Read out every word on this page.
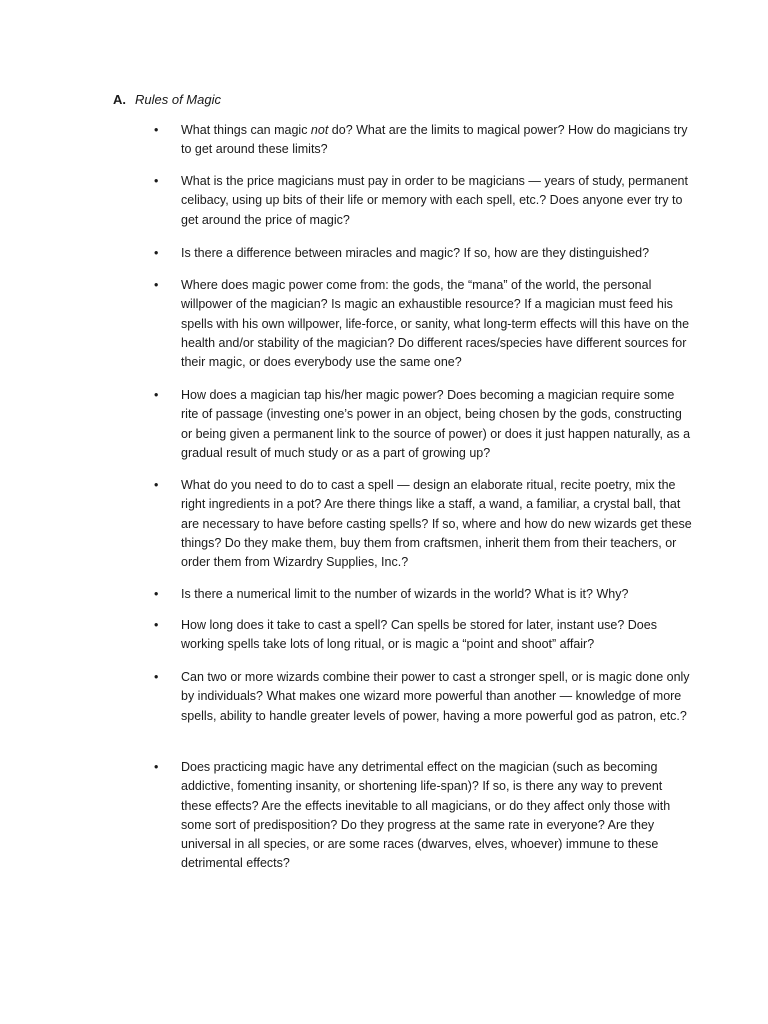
A. Rules of Magic
•	What things can magic not do? What are the limits to magical power? How do magicians try to get around these limits?
•	What is the price magicians must pay in order to be magicians — years of study, permanent celibacy, using up bits of their life or memory with each spell, etc.? Does anyone ever try to get around the price of magic?
•	Is there a difference between miracles and magic? If so, how are they distinguished?
•	Where does magic power come from: the gods, the “mana” of the world, the personal willpower of the magician? Is magic an exhaustible resource? If a magician must feed his spells with his own willpower, life-force, or sanity, what long-term effects will this have on the health and/or stability of the magician? Do different races/species have different sources for their magic, or does everybody use the same one?
•	How does a magician tap his/her magic power? Does becoming a magician require some rite of passage (investing one’s power in an object, being chosen by the gods, constructing or being given a permanent link to the source of power) or does it just happen naturally, as a gradual result of much study or as a part of growing up?
•	What do you need to do to cast a spell — design an elaborate ritual, recite poetry, mix the right ingredients in a pot? Are there things like a staff, a wand, a familiar, a crystal ball, that are necessary to have before casting spells? If so, where and how do new wizards get these things? Do they make them, buy them from craftsmen, inherit them from their teachers, or order them from Wizardry Supplies, Inc.?
•	Is there a numerical limit to the number of wizards in the world? What is it? Why?
•	How long does it take to cast a spell? Can spells be stored for later, instant use? Does working spells take lots of long ritual, or is magic a “point and shoot” affair?
•	Can two or more wizards combine their power to cast a stronger spell, or is magic done only by individuals? What makes one wizard more powerful than another — knowledge of more spells, ability to handle greater levels of power, having a more powerful god as patron, etc.?
•	Does practicing magic have any detrimental effect on the magician (such as becoming addictive, fomenting insanity, or shortening life-span)? If so, is there any way to prevent these effects? Are the effects inevitable to all magicians, or do they affect only those with some sort of predisposition? Do they progress at the same rate in everyone? Are they universal in all species, or are some races (dwarves, elves, whoever) immune to these detrimental effects?
